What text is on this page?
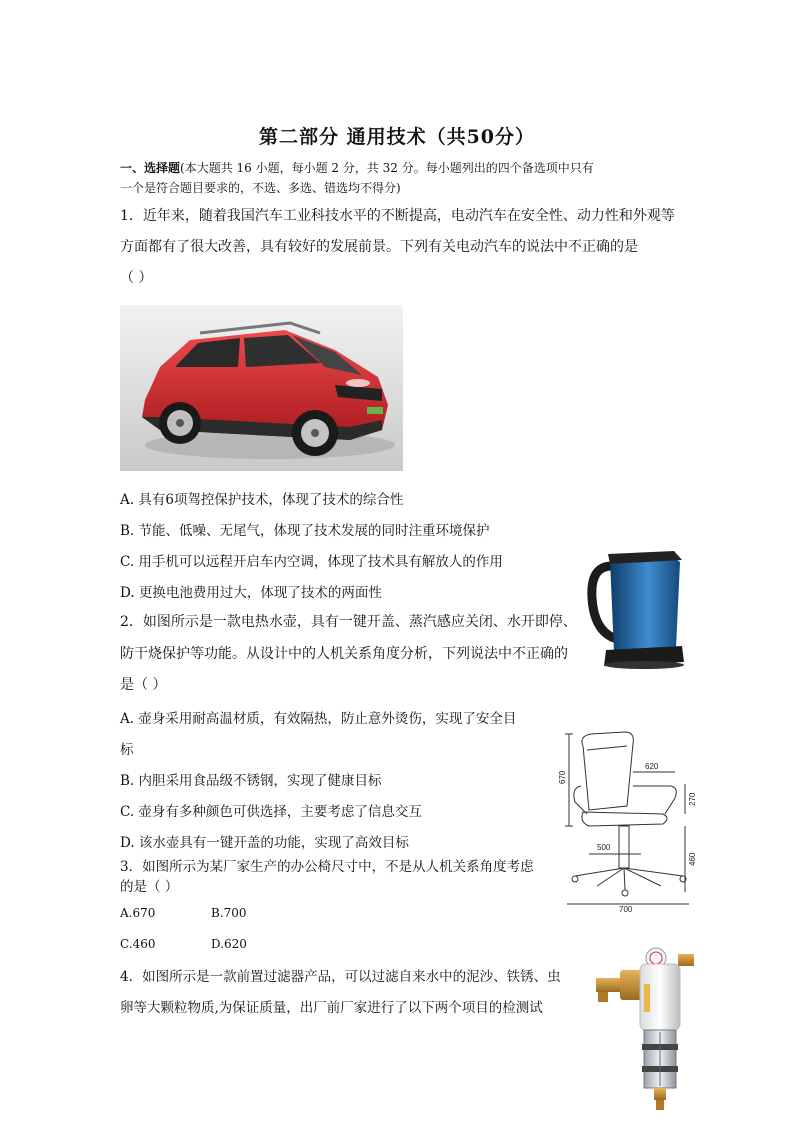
第二部分 通用技术（共50分）
一、选择题(本大题共 16 小题，每小题 2 分，共 32 分。每小题列出的四个备选项中只有
一个是符合题目要求的，不选、多选、错选均不得分)
1．近年来，随着我国汽车工业科技水平的不断提高，电动汽车在安全性、动力性和外观等
方面都有了很大改善，具有较好的发展前景。下列有关电动汽车的说法中不正确的是
（ ）
A. 具有6项驾控保护技术，体现了技术的综合性
B. 节能、低噪、无尾气，体现了技术发展的同时注重环境保护
C. 用手机可以远程开启车内空调，体现了技术具有解放人的作用
D. 更换电池费用过大，体现了技术的两面性
2．如图所示是一款电热水壶，具有一键开盖、蒸汽感应关闭、水开即停、
防干烧保护等功能。从设计中的人机关系角度分析，下列说法中不正确的
是（ ）
A. 壶身采用耐高温材质，有效隔热，防止意外烫伤，实现了安全目
标
B. 内胆采用食品级不锈钢，实现了健康目标
C. 壶身有多种颜色可供选择，主要考虑了信息交互
D. 该水壶具有一键开盖的功能，实现了高效目标
670
620
270
500
460
700
3．如图所示为某厂家生产的办公椅尺寸中，不是从人机关系角度考虑
的是（ ）
A.670	B.700
C.460	D.620
4．如图所示是一款前置过滤器产品，可以过滤自来水中的泥沙、铁锈、虫
卵等大颗粒物质,为保证质量，出厂前厂家进行了以下两个项目的检测试
